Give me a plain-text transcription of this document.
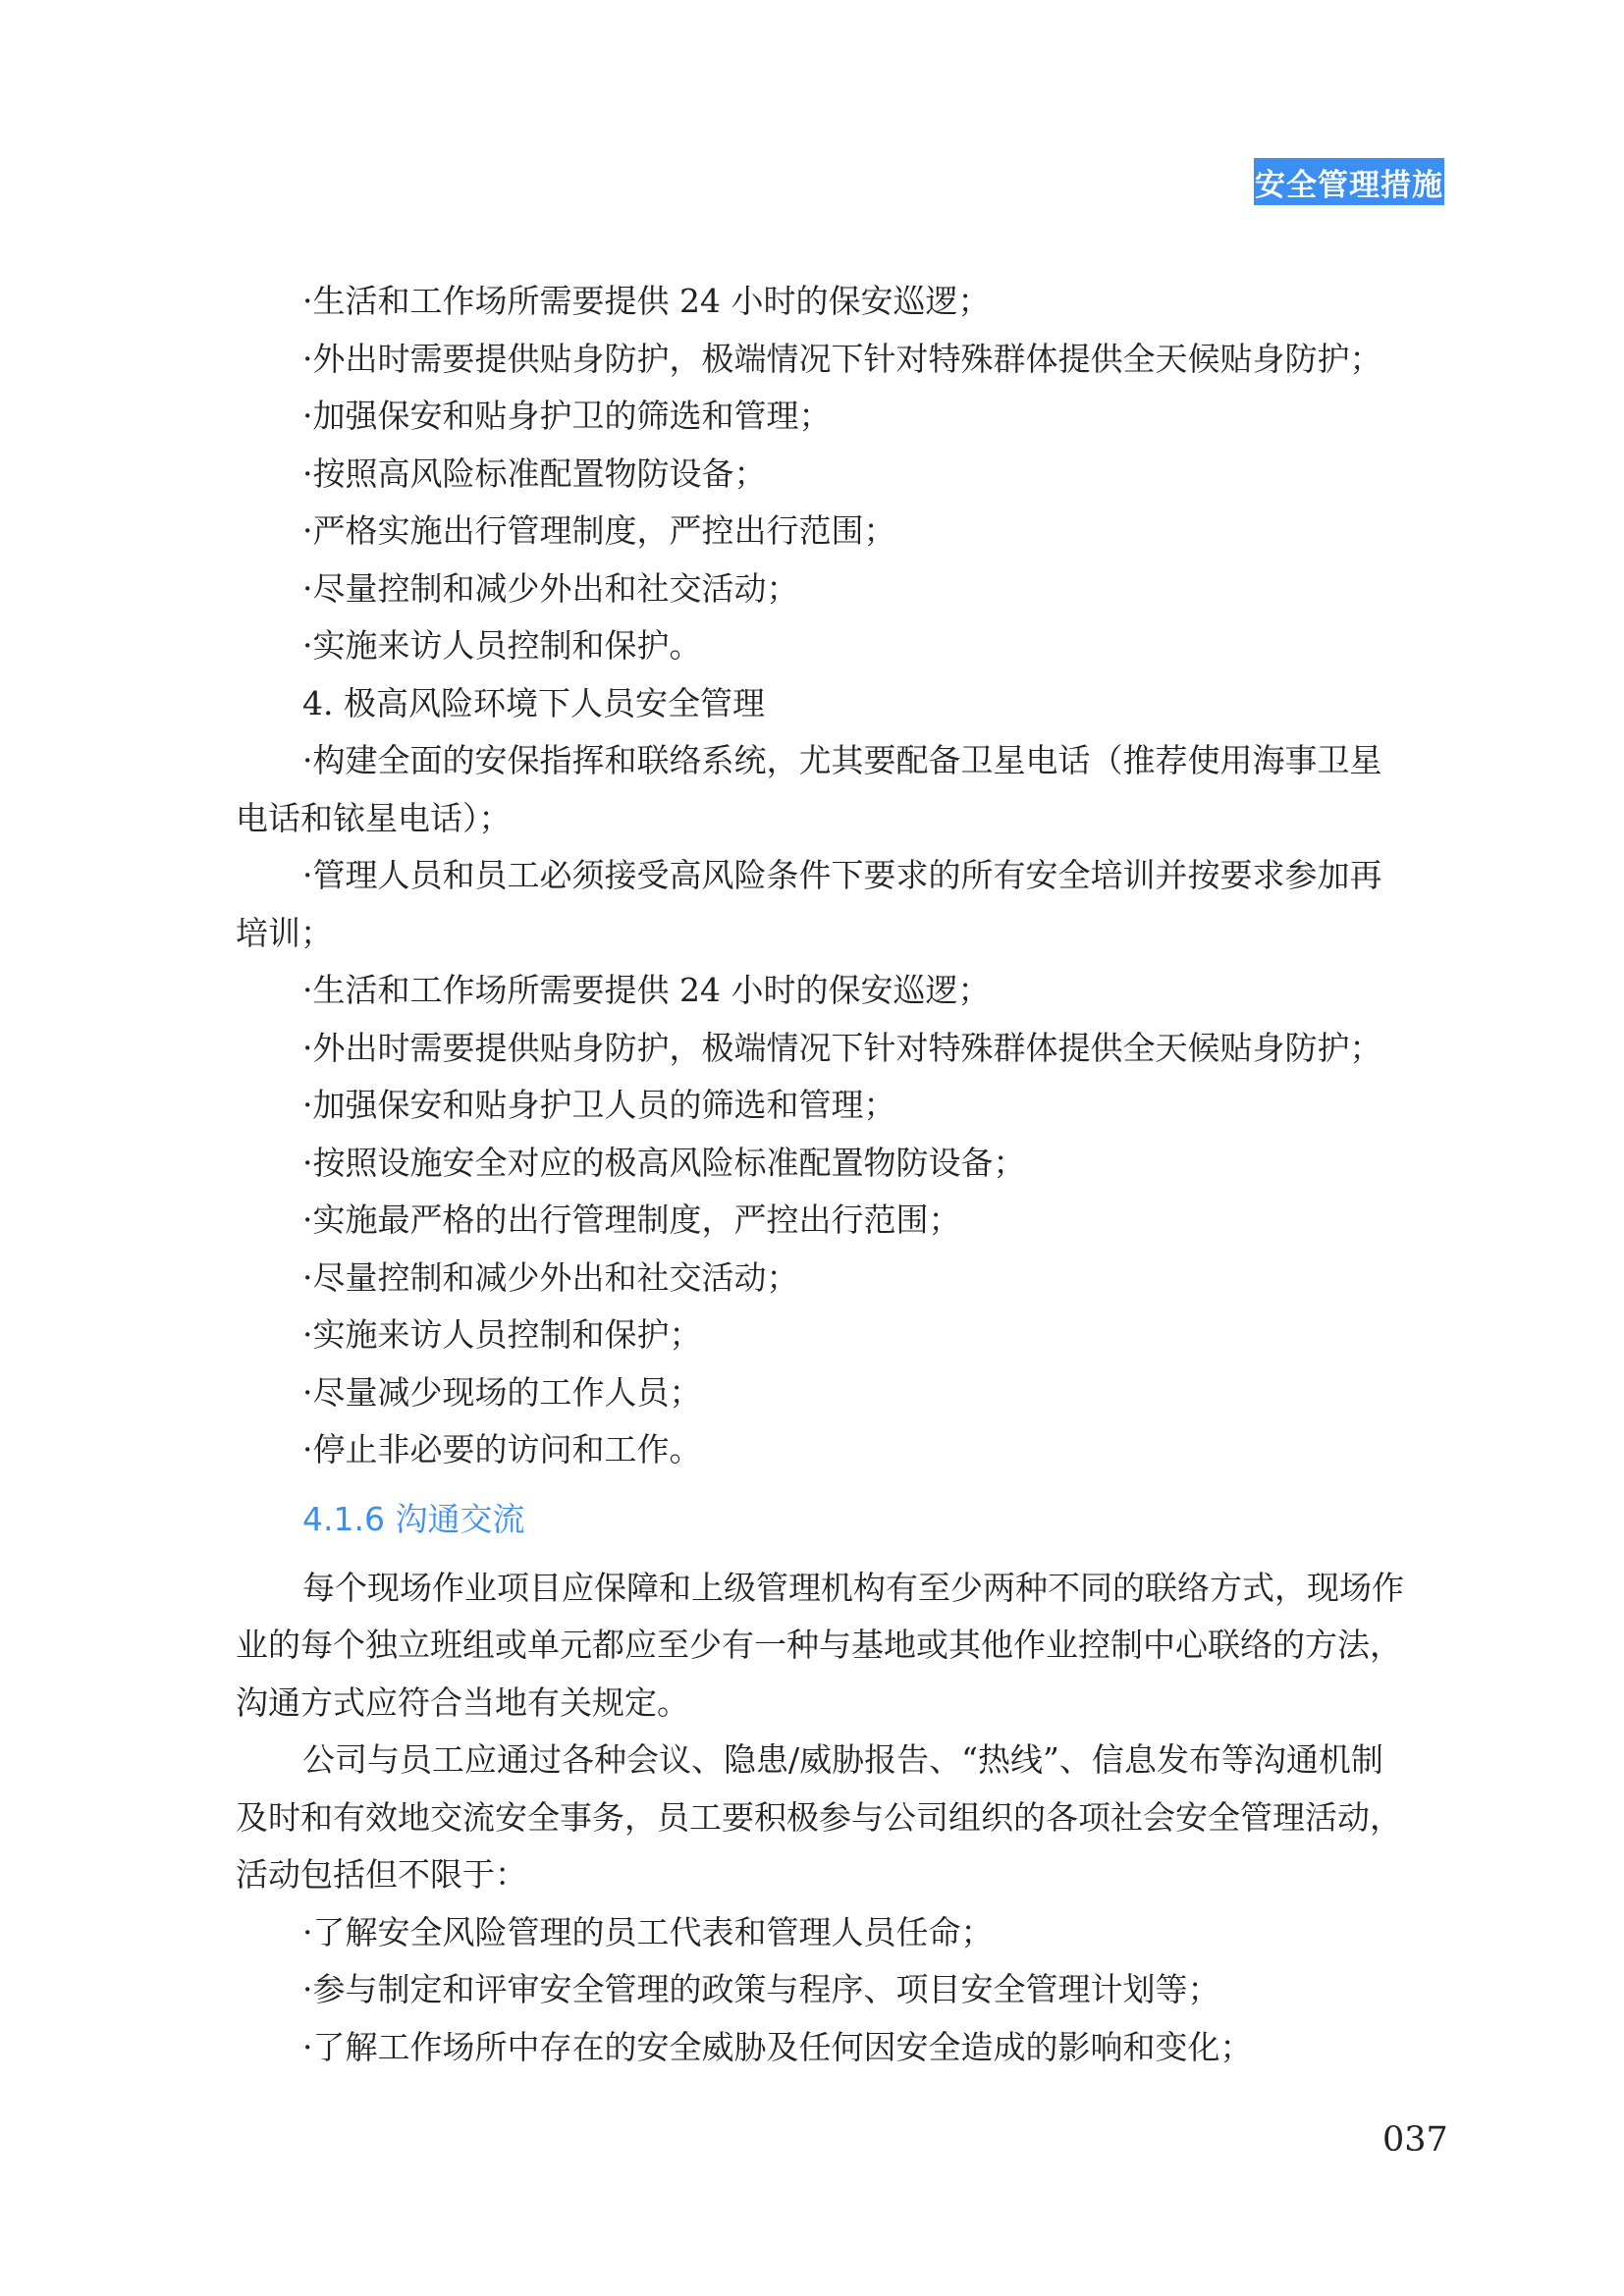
安全管理措施
·生活和工作场所需要提供 24 小时的保安巡逻；
·外出时需要提供贴身防护，极端情况下针对特殊群体提供全天候贴身防护；
·加强保安和贴身护卫的筛选和管理；
·按照高风险标准配置物防设备；
·严格实施出行管理制度，严控出行范围；
·尽量控制和减少外出和社交活动；
·实施来访人员控制和保护。
4. 极高风险环境下人员安全管理
·构建全面的安保指挥和联络系统，尤其要配备卫星电话（推荐使用海事卫星
电话和铱星电话）；
·管理人员和员工必须接受高风险条件下要求的所有安全培训并按要求参加再
培训；
·生活和工作场所需要提供 24 小时的保安巡逻；
·外出时需要提供贴身防护，极端情况下针对特殊群体提供全天候贴身防护；
·加强保安和贴身护卫人员的筛选和管理；
·按照设施安全对应的极高风险标准配置物防设备；
·实施最严格的出行管理制度，严控出行范围；
·尽量控制和减少外出和社交活动；
·实施来访人员控制和保护；
·尽量减少现场的工作人员；
·停止非必要的访问和工作。
4.1.6 沟通交流
每个现场作业项目应保障和上级管理机构有至少两种不同的联络方式，现场作
业的每个独立班组或单元都应至少有一种与基地或其他作业控制中心联络的方法，
沟通方式应符合当地有关规定。
公司与员工应通过各种会议、隐患/威胁报告、“热线”、信息发布等沟通机制
及时和有效地交流安全事务，员工要积极参与公司组织的各项社会安全管理活动，
活动包括但不限于：
·了解安全风险管理的员工代表和管理人员任命；
·参与制定和评审安全管理的政策与程序、项目安全管理计划等；
·了解工作场所中存在的安全威胁及任何因安全造成的影响和变化；
037
